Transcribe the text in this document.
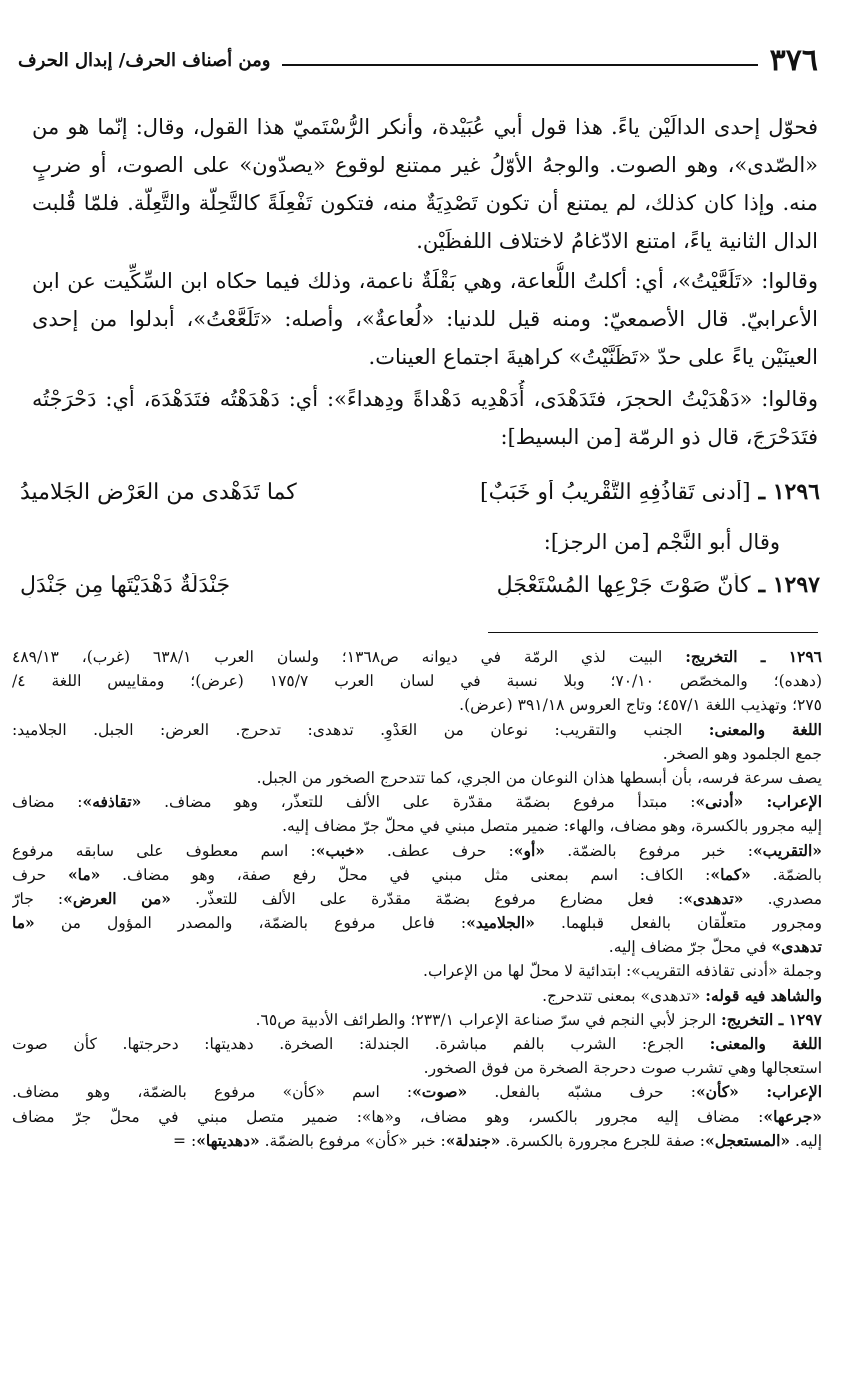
٣٧٦
ومن أصناف الحرف/ إبدال الحرف

فحوّل إحدى الدالَيْن ياءً. هذا قول أبي عُبَيْدة، وأنكر الرُّسْتَميّ هذا القول، وقال: إنّما هو من «الصّدى»، وهو الصوت. والوجهُ الأوّلُ غير ممتنع لوقوع «يصدّون» على الصوت، أو ضربٍ منه. وإذا كان كذلك، لم يمتنع أن تكون تَصْدِيَةٌ منه، فتكون تَفْعِلَةً كالتَّحِلّة والتَّعِلّة. فلمّا قُلبت الدال الثانية ياءً، امتنع الادّغامُ لاختلاف اللفظَيْن.

وقالوا: «تَلَعَّيْتُ»، أي: أكلتُ اللُّعاعة، وهي بَقْلَةٌ ناعمة، وذلك فيما حكاه ابن السِّكِّيت عن ابن الأعرابيّ. قال الأصمعيّ: ومنه قيل للدنيا: «لُعاعةٌ»، وأصله: «تَلَعَّعْتُ»، أبدلوا من إحدى العينَيْن ياءً على حدّ «تَظَنَّيْتُ» كراهيةَ اجتماع العينات.

وقالوا: «دَهْدَيْتُ الحجرَ، فتَدَهْدَى، أُدَهْدِيه دَهْداةً ودِهداءً»: أي: دَهْدَهْتُه فتَدَهْدَهَ، أي: دَحْرَجْتُه فتَدَحْرَجَ، قال ذو الرمّة [من البسيط]:

١٢٩٦ ـ
[أدنى تَقاذُفِهِ التَّقْرِيبُ أو خَبَبٌ]
كما تَدَهْدى من العَرْضِ الجَلاميدُ
وقال أبو النَّجْم [من الرجز]:
١٢٩٧ ـ
كأنّ صَوْتَ جَرْعِها المُسْتَعْجَلِ
جَنْدَلَةٌ دَهْدَيْتَها مِن جَنْدَلِ
١٢٩٦ ـ التخريج: البيت لذي الرمّة في ديوانه ص١٣٦٨؛ ولسان العرب ٦٣٨/١ (غرب)، ٤٨٩/١٣
(دهده)؛ والمخصّص ٧٠/١٠؛ وبلا نسبة في لسان العرب ١٧٥/٧ (عرض)؛ ومقاييس اللغة ٤/
٢٧٥؛ وتهذيب اللغة ٤٥٧/١؛ وتاج العروس ٣٩١/١٨ (عرض).
اللغة والمعنى: الجنب والتقريب: نوعان من العَدْوِ. تدهدى: تدحرج. العرض: الجبل. الجلاميد:
جمع الجلمود وهو الصخر.
يصف سرعة فرسه، بأن أبسطها هذان النوعان من الجري، كما تتدحرج الصخور من الجبل.
الإعراب: «أدنى»: مبتدأ مرفوع بضمّة مقدّرة على الألف للتعذّر، وهو مضاف. «تقاذفه»: مضاف
إليه مجرور بالكسرة، وهو مضاف، والهاء: ضمير متصل مبني في محلّ جرّ مضاف إليه.
«التقريب»: خبر مرفوع بالضمّة. «أو»: حرف عطف. «خبب»: اسم معطوف على سابقه مرفوع
بالضمّة. «كما»: الكاف: اسم بمعنى مثل مبني في محلّ رفع صفة، وهو مضاف. «ما» حرف
مصدري. «تدهدى»: فعل مضارع مرفوع بضمّة مقدّرة على الألف للتعذّر. «من العرض»: جارّ
ومجرور متعلّقان بالفعل قبلهما. «الجلاميد»: فاعل مرفوع بالضمّة، والمصدر المؤول من «ما
تدهدى» في محلّ جرّ مضاف إليه.
وجملة «أدنى تقاذفه التقريب»: ابتدائية لا محلّ لها من الإعراب.
والشاهد فيه قوله: «تدهدى» بمعنى تتدحرج.
١٢٩٧ ـ التخريج: الرجز لأبي النجم في سرّ صناعة الإعراب ٢٣٣/١؛ والطرائف الأدبية ص٦٥.
اللغة والمعنى: الجرع: الشرب بالفم مباشرة. الجندلة: الصخرة. دهديتها: دحرجتها. كأن صوت
استعجالها وهي تشرب صوت دحرجة الصخرة من فوق الصخور.
الإعراب: «كأن»: حرف مشبّه بالفعل. «صوت»: اسم «كأن» مرفوع بالضمّة، وهو مضاف.
«جرعها»: مضاف إليه مجرور بالكسر، وهو مضاف، و«ها»: ضمير متصل مبني في محلّ جرّ مضاف
إليه. «المستعجل»: صفة للجرع مجرورة بالكسرة. «جندلة»: خبر «كأن» مرفوع بالضمّة. «دهديتها»: =
